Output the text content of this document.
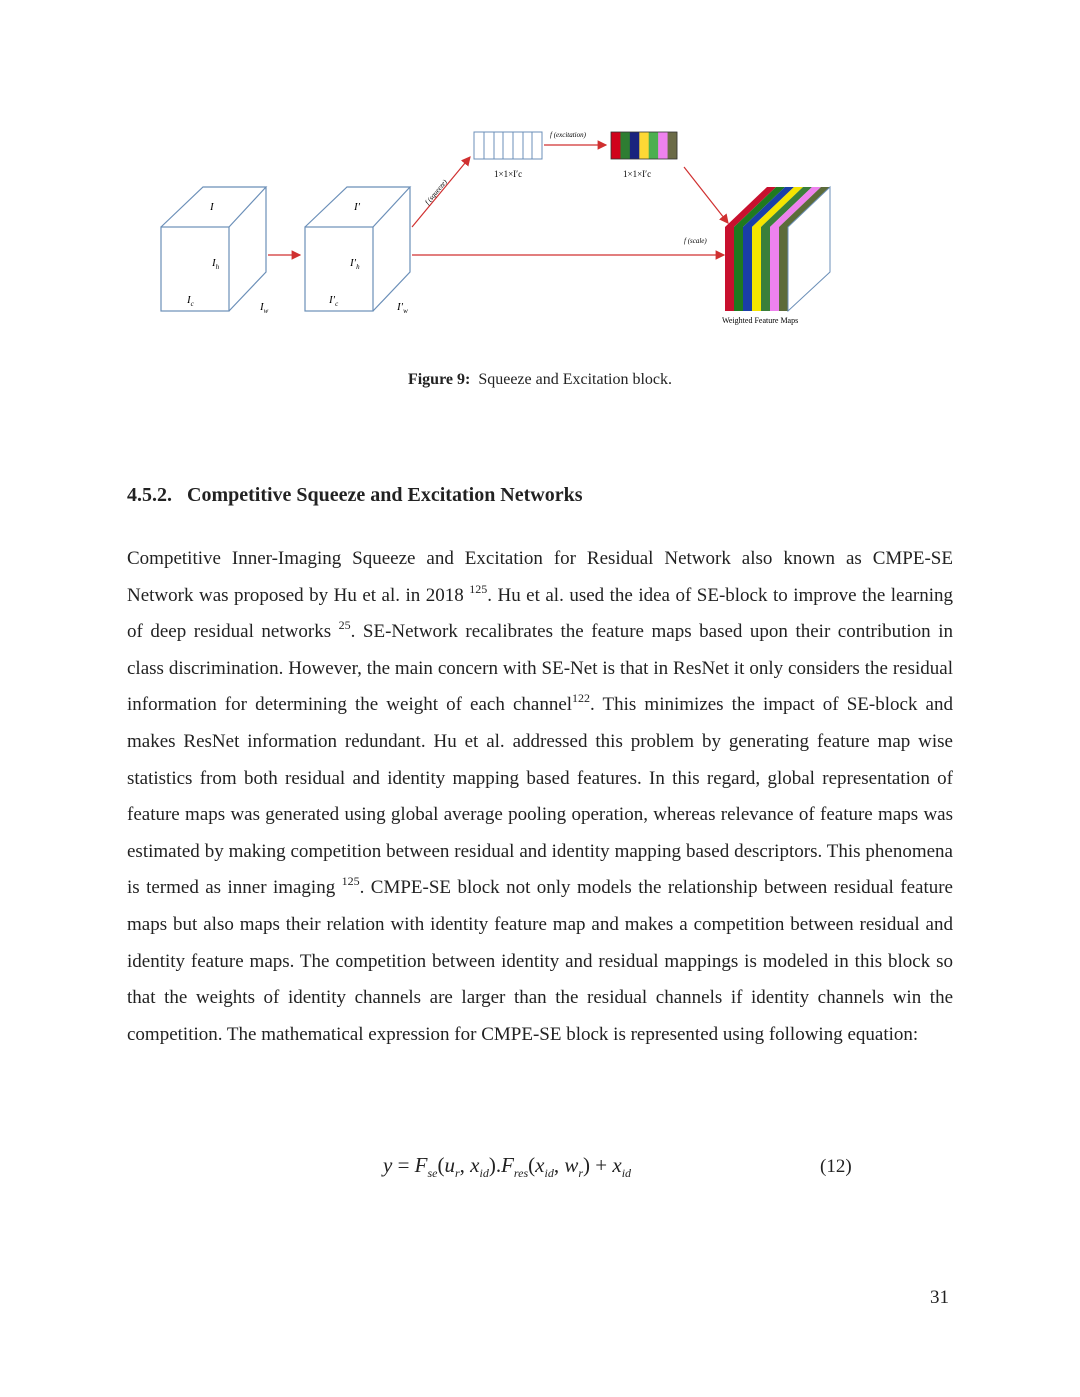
I
$I_h$
$I_c$	$I_w$
I′
$I'_h$
$I'_c$	$I'_w$
f (squeeze)
1×1×I′c
f (excitation)
1×1×I′c
f (scale)
Weighted Feature Maps
Figure 9: Squeeze and Excitation block.
4.5.2. Competitive Squeeze and Excitation Networks

Competitive Inner-Imaging Squeeze and Excitation for Residual Network also known as CMPE-SE Network was proposed by Hu et al. in 2018 $^{125}$. Hu et al. used the idea of SE-block to improve the learning of deep residual networks $^{25}$. SE-Network recalibrates the feature maps based upon their contribution in class discrimination. However, the main concern with SE-Net is that in ResNet it only considers the residual information for determining the weight of each channel$^{122}$. This minimizes the impact of SE-block and makes ResNet information redundant. Hu et al. addressed this problem by generating feature map wise statistics from both residual and identity mapping based features. In this regard, global representation of feature maps was generated using global average pooling operation, whereas relevance of feature maps was estimated by making competition between residual and identity mapping based descriptors. This phenomena is termed as inner imaging $^{125}$. CMPE-SE block not only models the relationship between residual feature maps but also maps their relation with identity feature map and makes a competition between residual and identity feature maps. The competition between identity and residual mappings is modeled in this block so that the weights of identity channels are larger than the residual channels if identity channels win the competition. The mathematical expression for CMPE-SE block is represented using following equation:

$y = F_{se}(u_r$, $x_{id}).F_{res}(x_{id}$, $w_r) + x_{id}$	(12)
31
